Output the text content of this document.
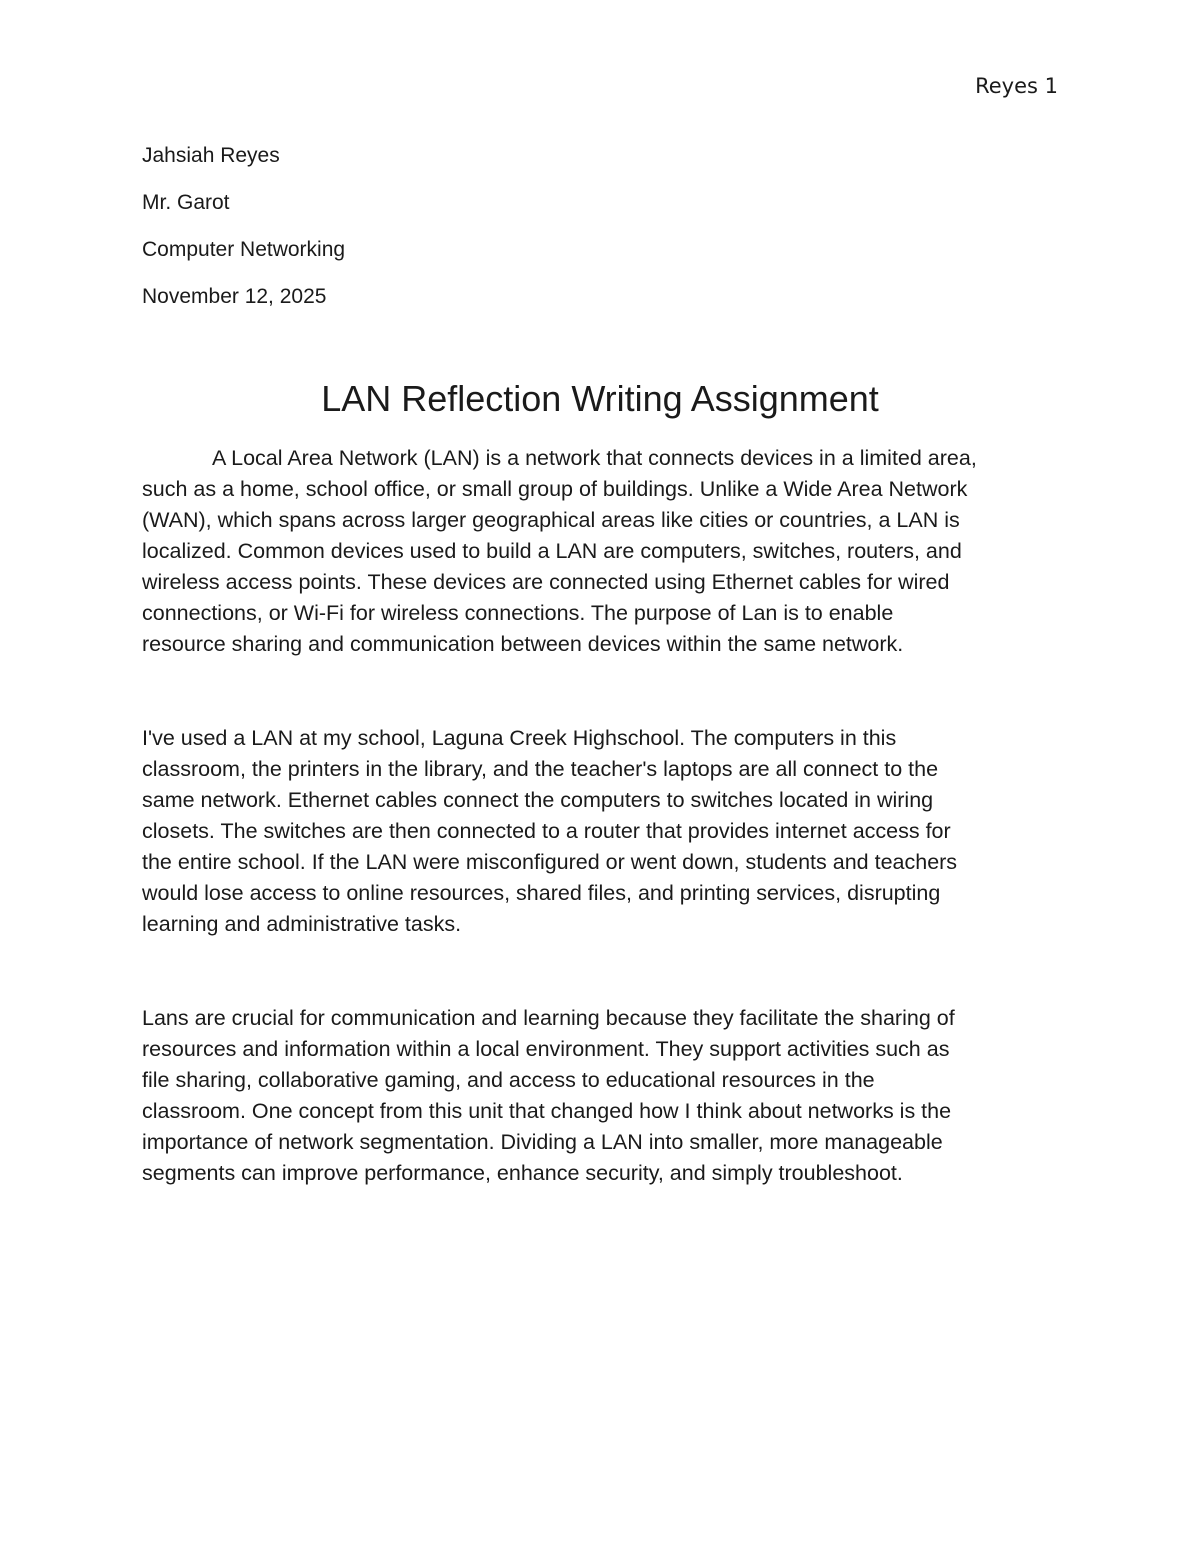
Reyes 1
Jahsiah Reyes
Mr. Garot
Computer Networking
November 12, 2025
LAN Reflection Writing Assignment
A Local Area Network (LAN) is a network that connects devices in a limited area,
such as a home, school office, or small group of buildings. Unlike a Wide Area Network
(WAN), which spans across larger geographical areas like cities or countries, a LAN is
localized. Common devices used to build a LAN are computers, switches, routers, and
wireless access points. These devices are connected using Ethernet cables for wired
connections, or Wi-Fi for wireless connections. The purpose of Lan is to enable
resource sharing and communication between devices within the same network.
I've used a LAN at my school, Laguna Creek Highschool. The computers in this
classroom, the printers in the library, and the teacher's laptops are all connect to the
same network. Ethernet cables connect the computers to switches located in wiring
closets. The switches are then connected to a router that provides internet access for
the entire school. If the LAN were misconfigured or went down, students and teachers
would lose access to online resources, shared files, and printing services, disrupting
learning and administrative tasks.
Lans are crucial for communication and learning because they facilitate the sharing of
resources and information within a local environment. They support activities such as
file sharing, collaborative gaming, and access to educational resources in the
classroom. One concept from this unit that changed how I think about networks is the
importance of network segmentation. Dividing a LAN into smaller, more manageable
segments can improve performance, enhance security, and simply troubleshoot.
